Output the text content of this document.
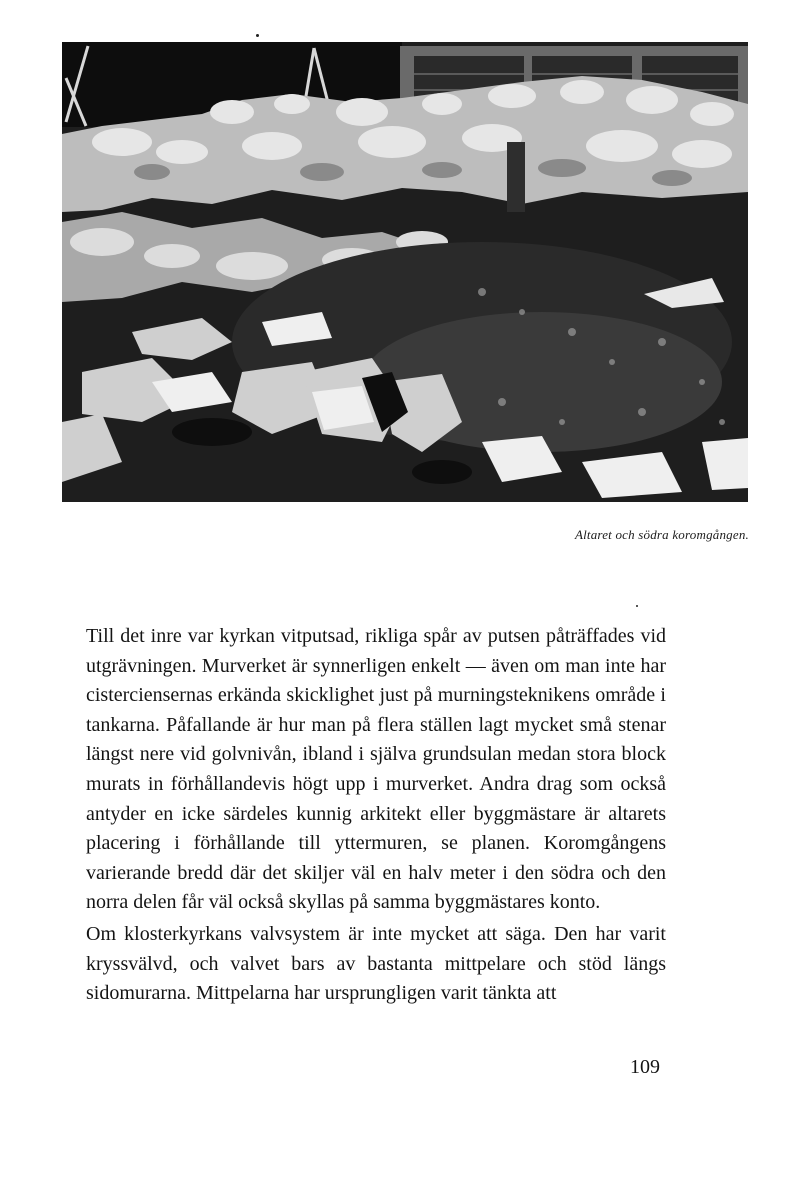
Altaret och södra koromgången.

Till det inre var kyrkan vitputsad, rikliga spår av putsen påträffades vid utgrävningen. Murverket är synnerligen enkelt — även om man inte har cisterciensernas erkända skicklighet just på murningsteknikens område i tankarna. Påfallande är hur man på flera ställen lagt mycket små stenar längst nere vid golvnivån, ibland i själva grundsulan medan stora block murats in förhållandevis högt upp i murverket. Andra drag som också antyder en icke särdeles kunnig arkitekt eller byggmästare är altarets placering i förhållande till yttermuren, se planen. Koromgångens varierande bredd där det skiljer väl en halv meter i den södra och den norra delen får väl också skyllas på samma byggmästares konto.

Om klosterkyrkans valvsystem är inte mycket att säga. Den har varit kryssvälvd, och valvet bars av bastanta mittpelare och stöd längs sidomurarna. Mittpelarna har ursprungligen varit tänkta att

109
